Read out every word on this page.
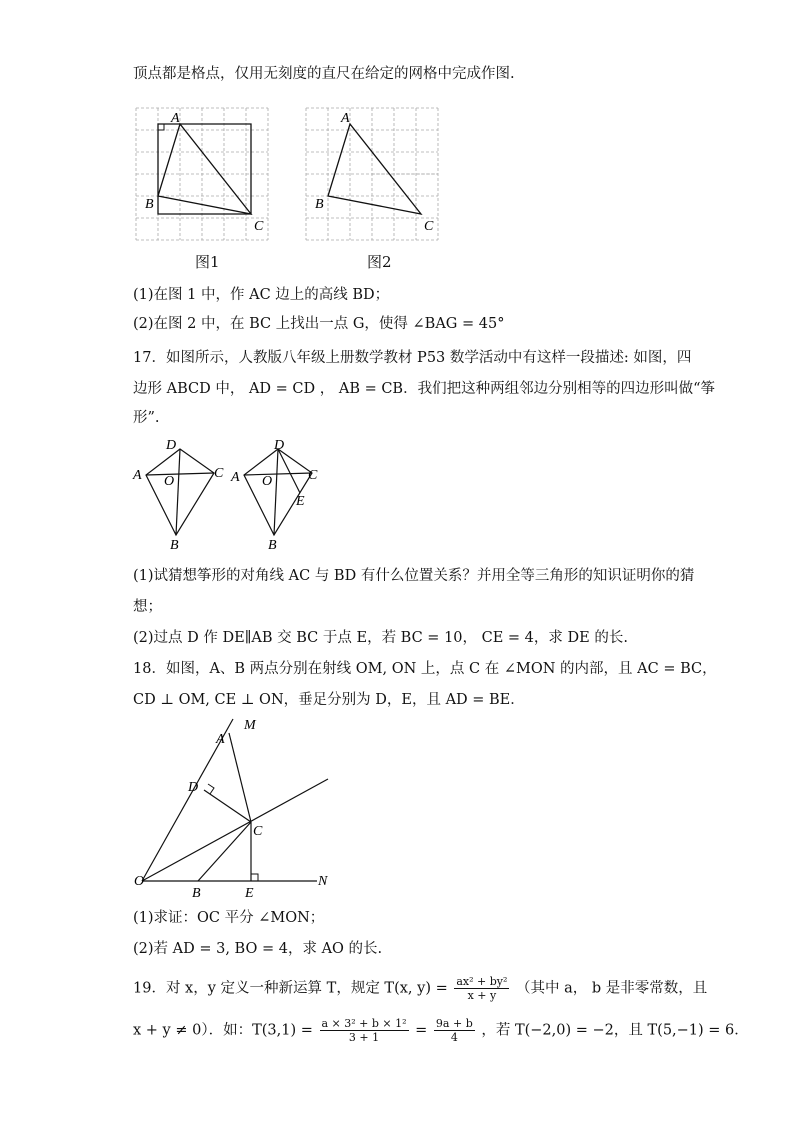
顶点都是格点，仅用无刻度的直尺在给定的网格中完成作图.
A
B
C
A
B
C
图1	图2
(1)在图 1 中，作 AC 边上的高线 BD；
(2)在图 2 中，在 BC 上找出一点 G，使得 ∠BAG = 45°
17．如图所示，人教版八年级上册数学教材 P53 数学活动中有这样一段描述: 如图，四
边形 ABCD 中， AD = CD ， AB = CB．我们把这种两组邻边分别相等的四边形叫做“筝
形”.
D
A O
C
B
D
A O	C
E
B
(1)试猜想筝形的对角线 AC 与 BD 有什么位置关系？并用全等三角形的知识证明你的猜
想；
(2)过点 D 作 DE∥AB 交 BC 于点 E，若 BC = 10， CE = 4，求 DE 的长.
18．如图，A、B 两点分别在射线 OM, ON 上，点 C 在 ∠MON 的内部，且 AC = BC，
CD ⊥ OM, CE ⊥ ON，垂足分别为 D，E，且 AD = BE．
M
A
D
C
O
B	E
N
(1)求证：OC 平分 ∠MON；
(2)若 AD = 3, BO = 4，求 AO 的长.
19．对 x，y 定义一种新运算 T，规定 T(x, $y) = \frac{\text{ax² + by²}}{x + y}$ （其中 a， b 是非零常数，且
x + y ≠ 0）．如：$T(3,1) = \frac{\text{a × 3² + b × 1²}}{3 + 1} = \frac{9a + b}{4}$ ，若 T(−2,0) = −2，且 T(5,−1) = 6．
